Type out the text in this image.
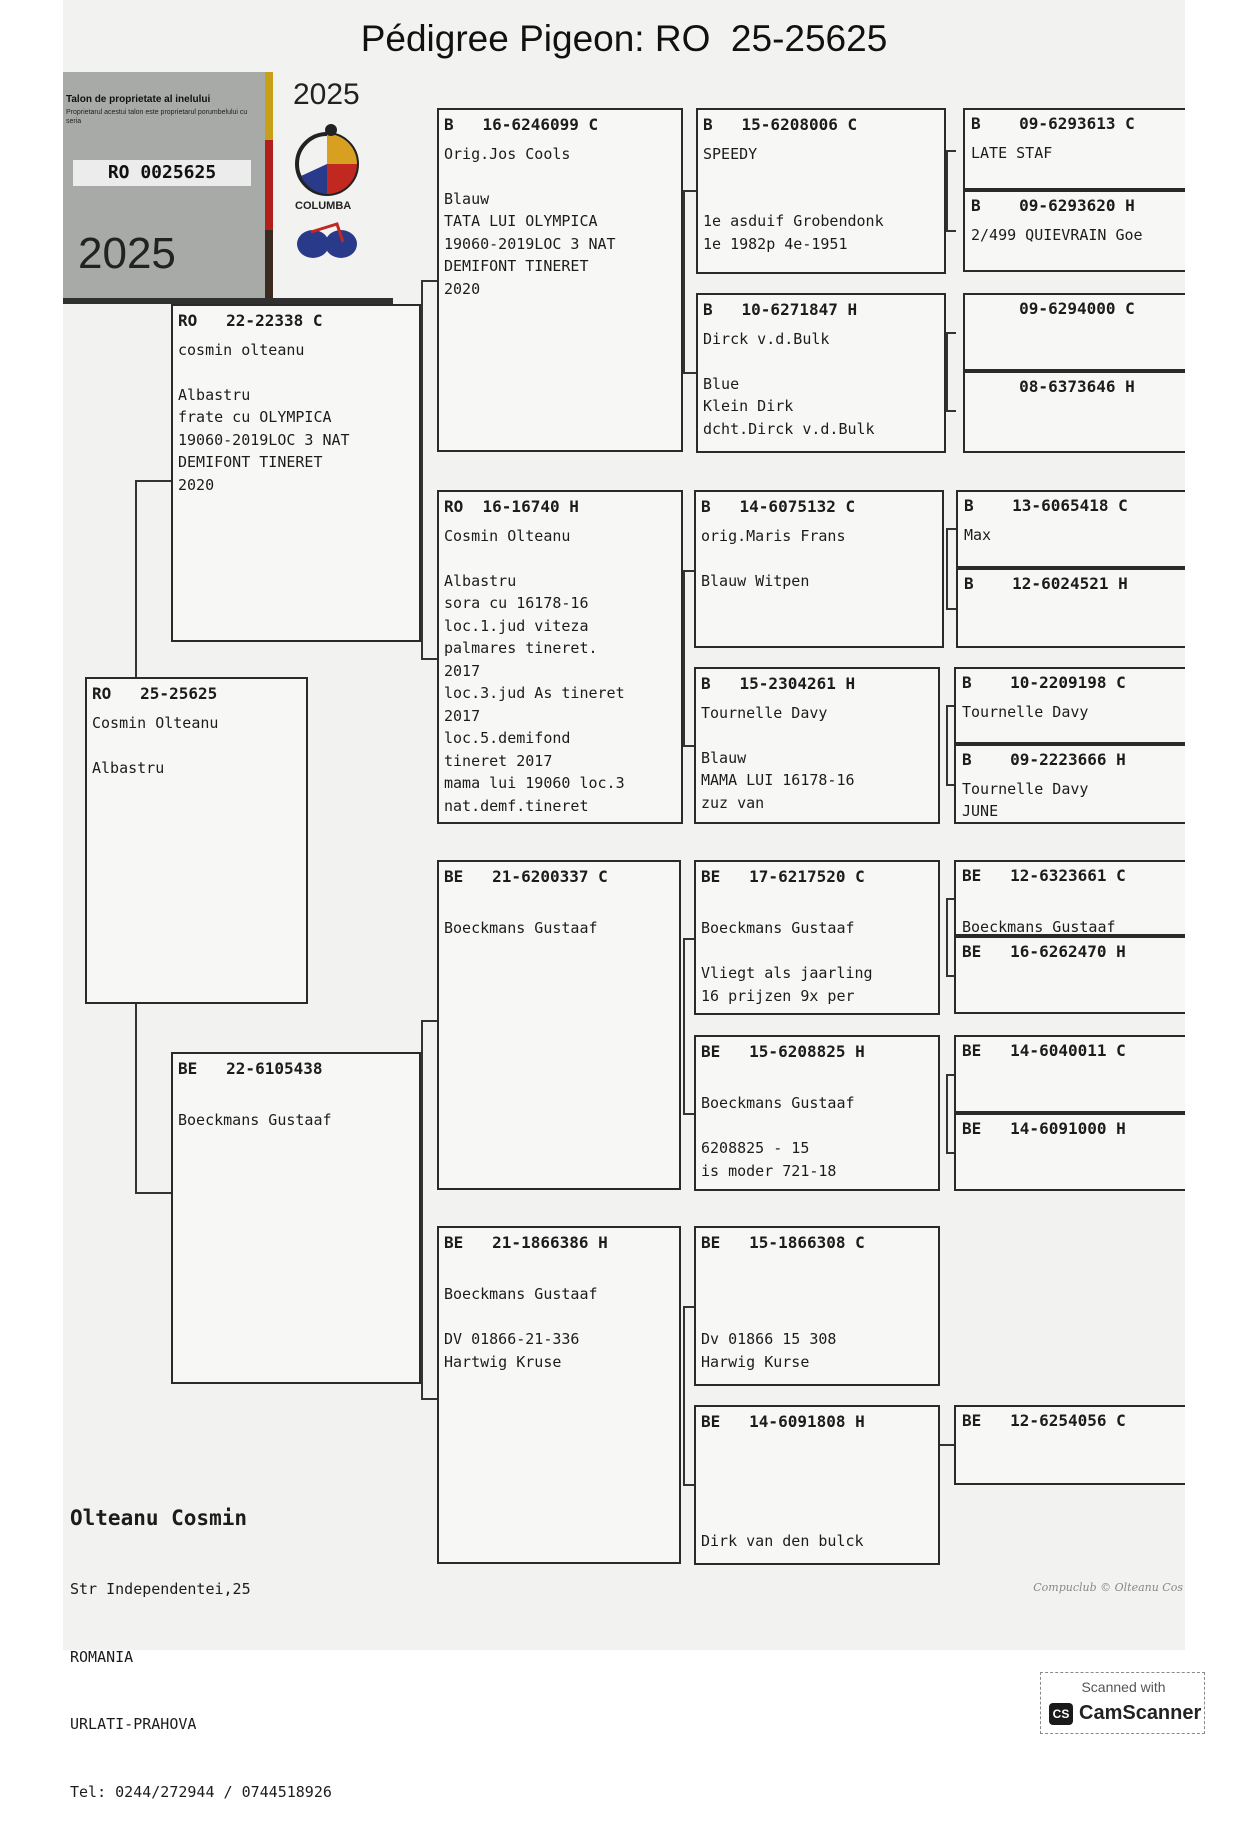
Pédigree Pigeon: RO  25-25625
Talon de proprietate al inelului
Proprietarul acestui talon este proprietarul porumbelului cu seria
RO 0025625
2025
2025
COLUMBA
RO   25-25625
Cosmin Olteanu

Albastru
RO   22-22338 C
cosmin olteanu

Albastru
frate cu OLYMPICA
19060-2019LOC 3 NAT
DEMIFONT TINERET
2020
BE   22-6105438

Boeckmans Gustaaf
B   16-6246099 C
Orig.Jos Cools

Blauw
TATA LUI OLYMPICA
19060-2019LOC 3 NAT
DEMIFONT TINERET
2020
RO  16-16740 H
Cosmin Olteanu

Albastru
sora cu 16178-16
loc.1.jud viteza
palmares tineret.
2017
loc.3.jud As tineret
2017
loc.5.demifond
tineret 2017
mama lui 19060 loc.3
nat.demf.tineret
BE   21-6200337 C

Boeckmans Gustaaf
BE   21-1866386 H

Boeckmans Gustaaf

DV 01866-21-336
Hartwig Kruse
B   15-6208006 C
SPEEDY

1e asduif Grobendonk
1e 1982p 4e-1951
B   10-6271847 H
Dirck v.d.Bulk

Blue
Klein Dirk
dcht.Dirck v.d.Bulk
B   14-6075132 C
orig.Maris Frans

Blauw Witpen
B   15-2304261 H
Tournelle Davy

Blauw
MAMA LUI 16178-16
zuz van
BE   17-6217520 C

Boeckmans Gustaaf

Vliegt als jaarling
16 prijzen 9x per
BE   15-6208825 H

Boeckmans Gustaaf

6208825 - 15
is moder 721-18
BE   15-1866308 C

Dv 01866 15 308
Harwig Kurse
BE   14-6091808 H

Dirk van den bulck
B    09-6293613 C
LATE STAF
B    09-6293620 H
2/499 QUIEVRAIN Goe
09-6294000 C
08-6373646 H
B    13-6065418 C
Max
B    12-6024521 H
B    10-2209198 C
Tournelle Davy
B    09-2223666 H
Tournelle Davy
JUNE
BE   12-6323661 C

Boeckmans Gustaaf
BE   16-6262470 H
BE   14-6040011 C
BE   14-6091000 H
BE   12-6254056 C

Olteanu Cosmin

Str Independentei,25

ROMANIA

URLATI-PRAHOVA

Tel: 0244/272944 / 0744518926

Compuclub © Olteanu Cos
Scanned with
CS CamScanner
